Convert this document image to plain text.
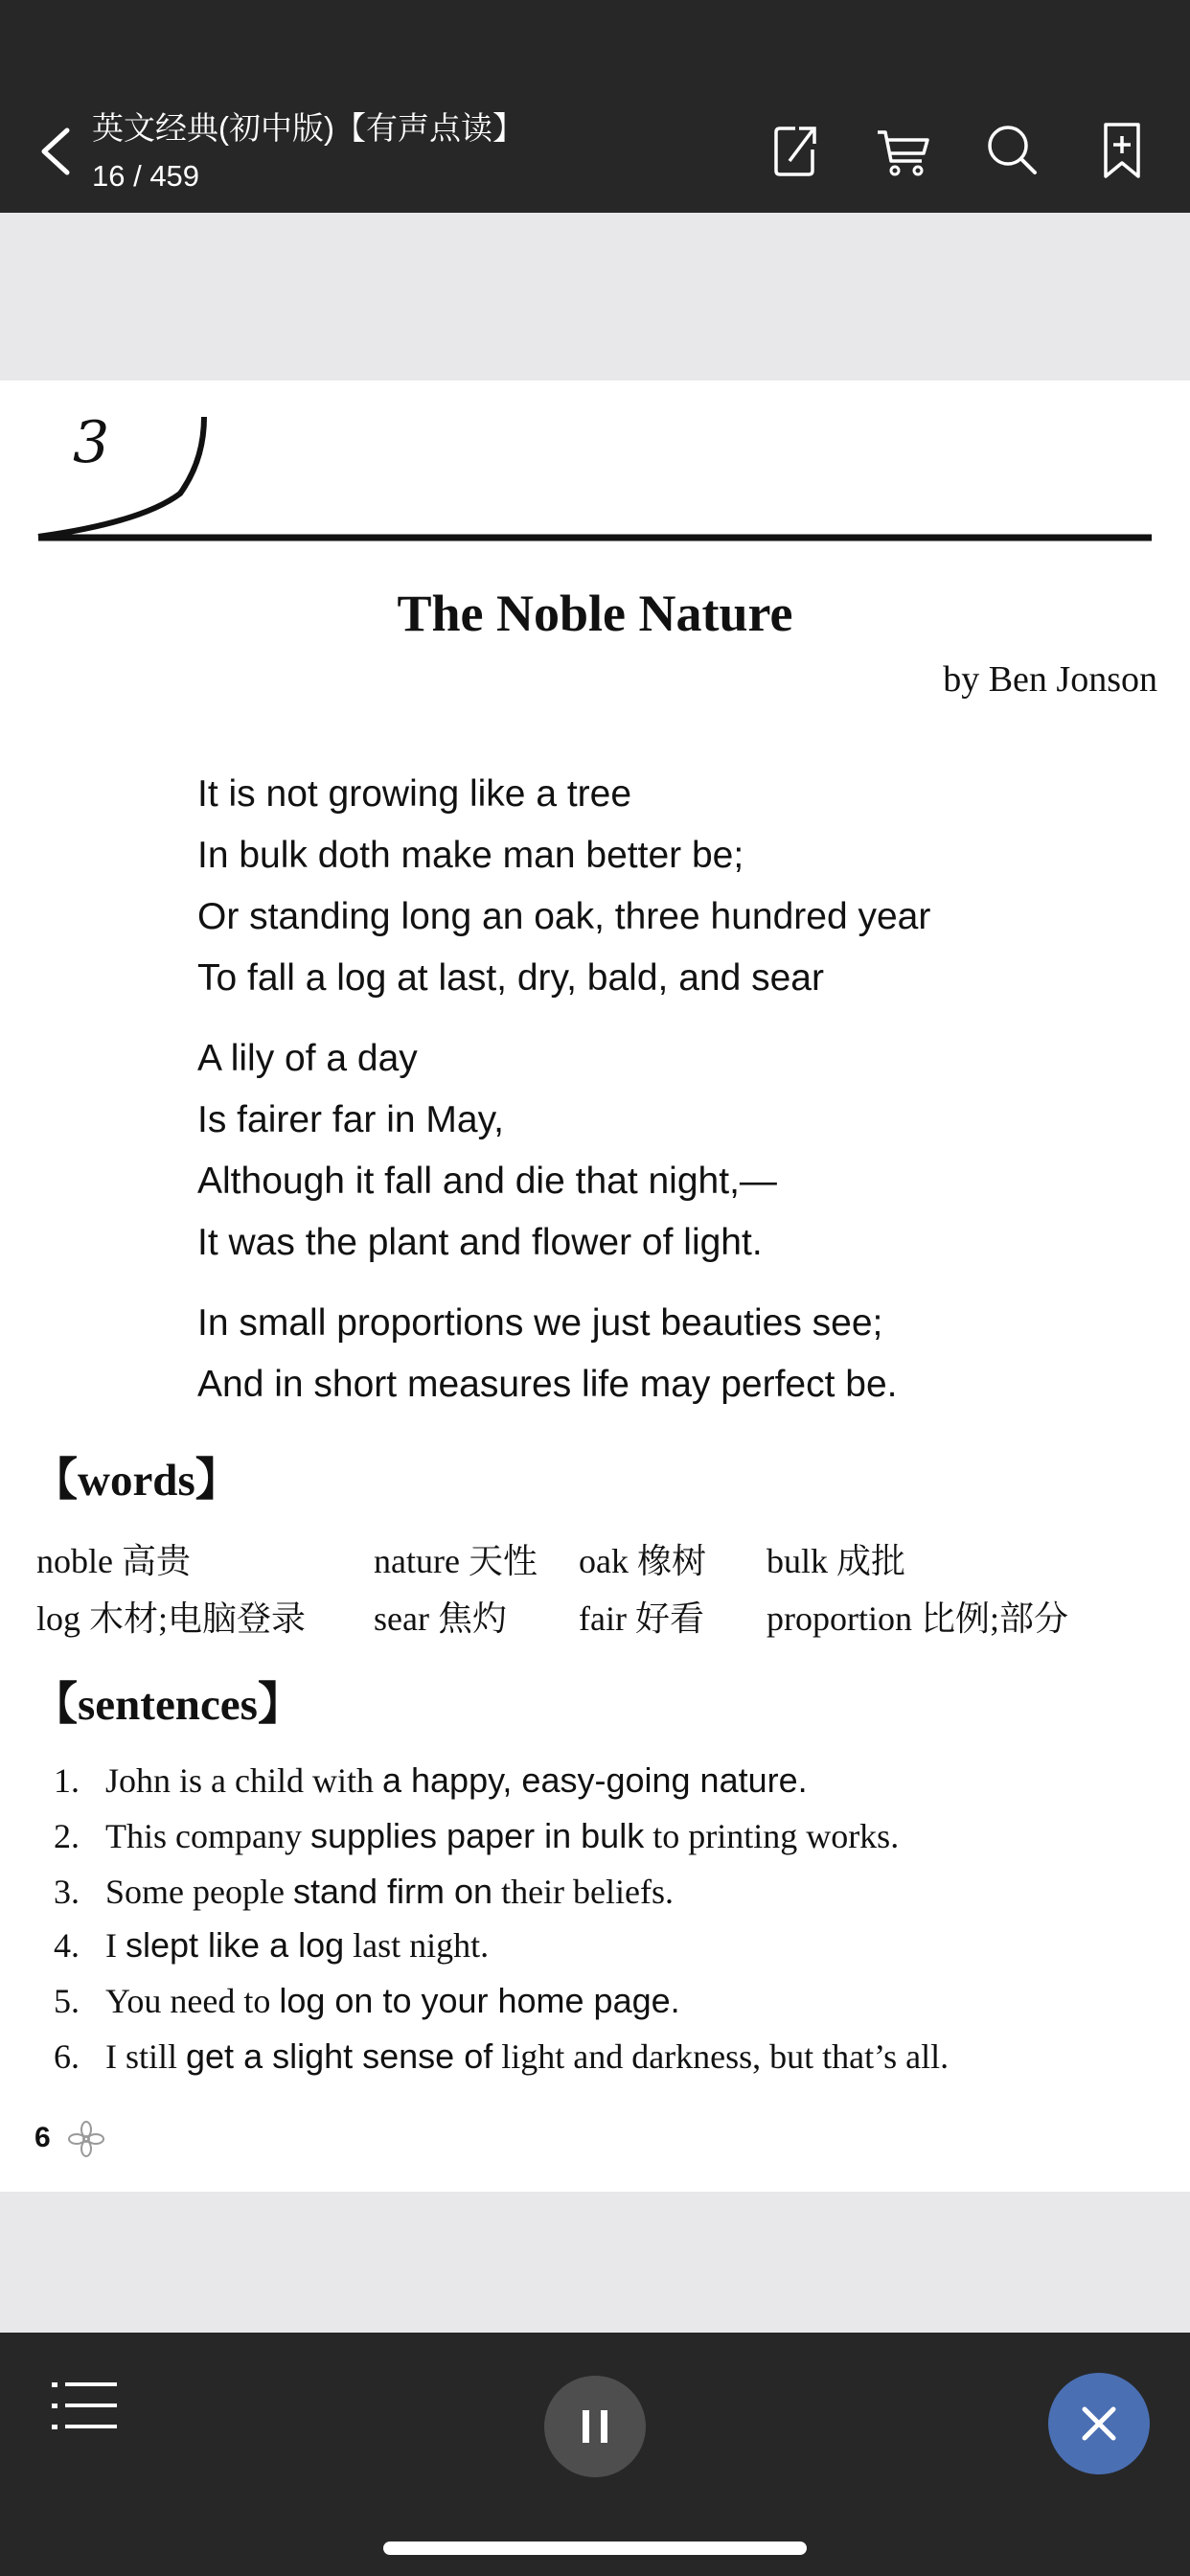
英文经典(初中版)【有声点读】
16 / 459
3
The Noble Nature
by Ben Jonson
It is not growing like a tree
In bulk doth make man better be;
Or standing long an oak, three hundred year
To fall a log at last, dry, bald, and sear
A lily of a day
Is fairer far in May,
Although it fall and die that night,—
It was the plant and flower of light.
In small proportions we just beauties see;
And in short measures life may perfect be.
【words】
noble 高贵	nature 天性 oak 橡树 bulk 成批
log 木材;电脑登录 sear 焦灼 fair 好看 proportion 比例;部分
【sentences】
1. John is a child with a happy, easy-going nature.
2. This company supplies paper in bulk to printing works.
3. Some people stand firm on their beliefs.
4. I slept like a log last night.
5. You need to log on to your home page.
6. I still get a slight sense of light and darkness, but that’s all.
6
